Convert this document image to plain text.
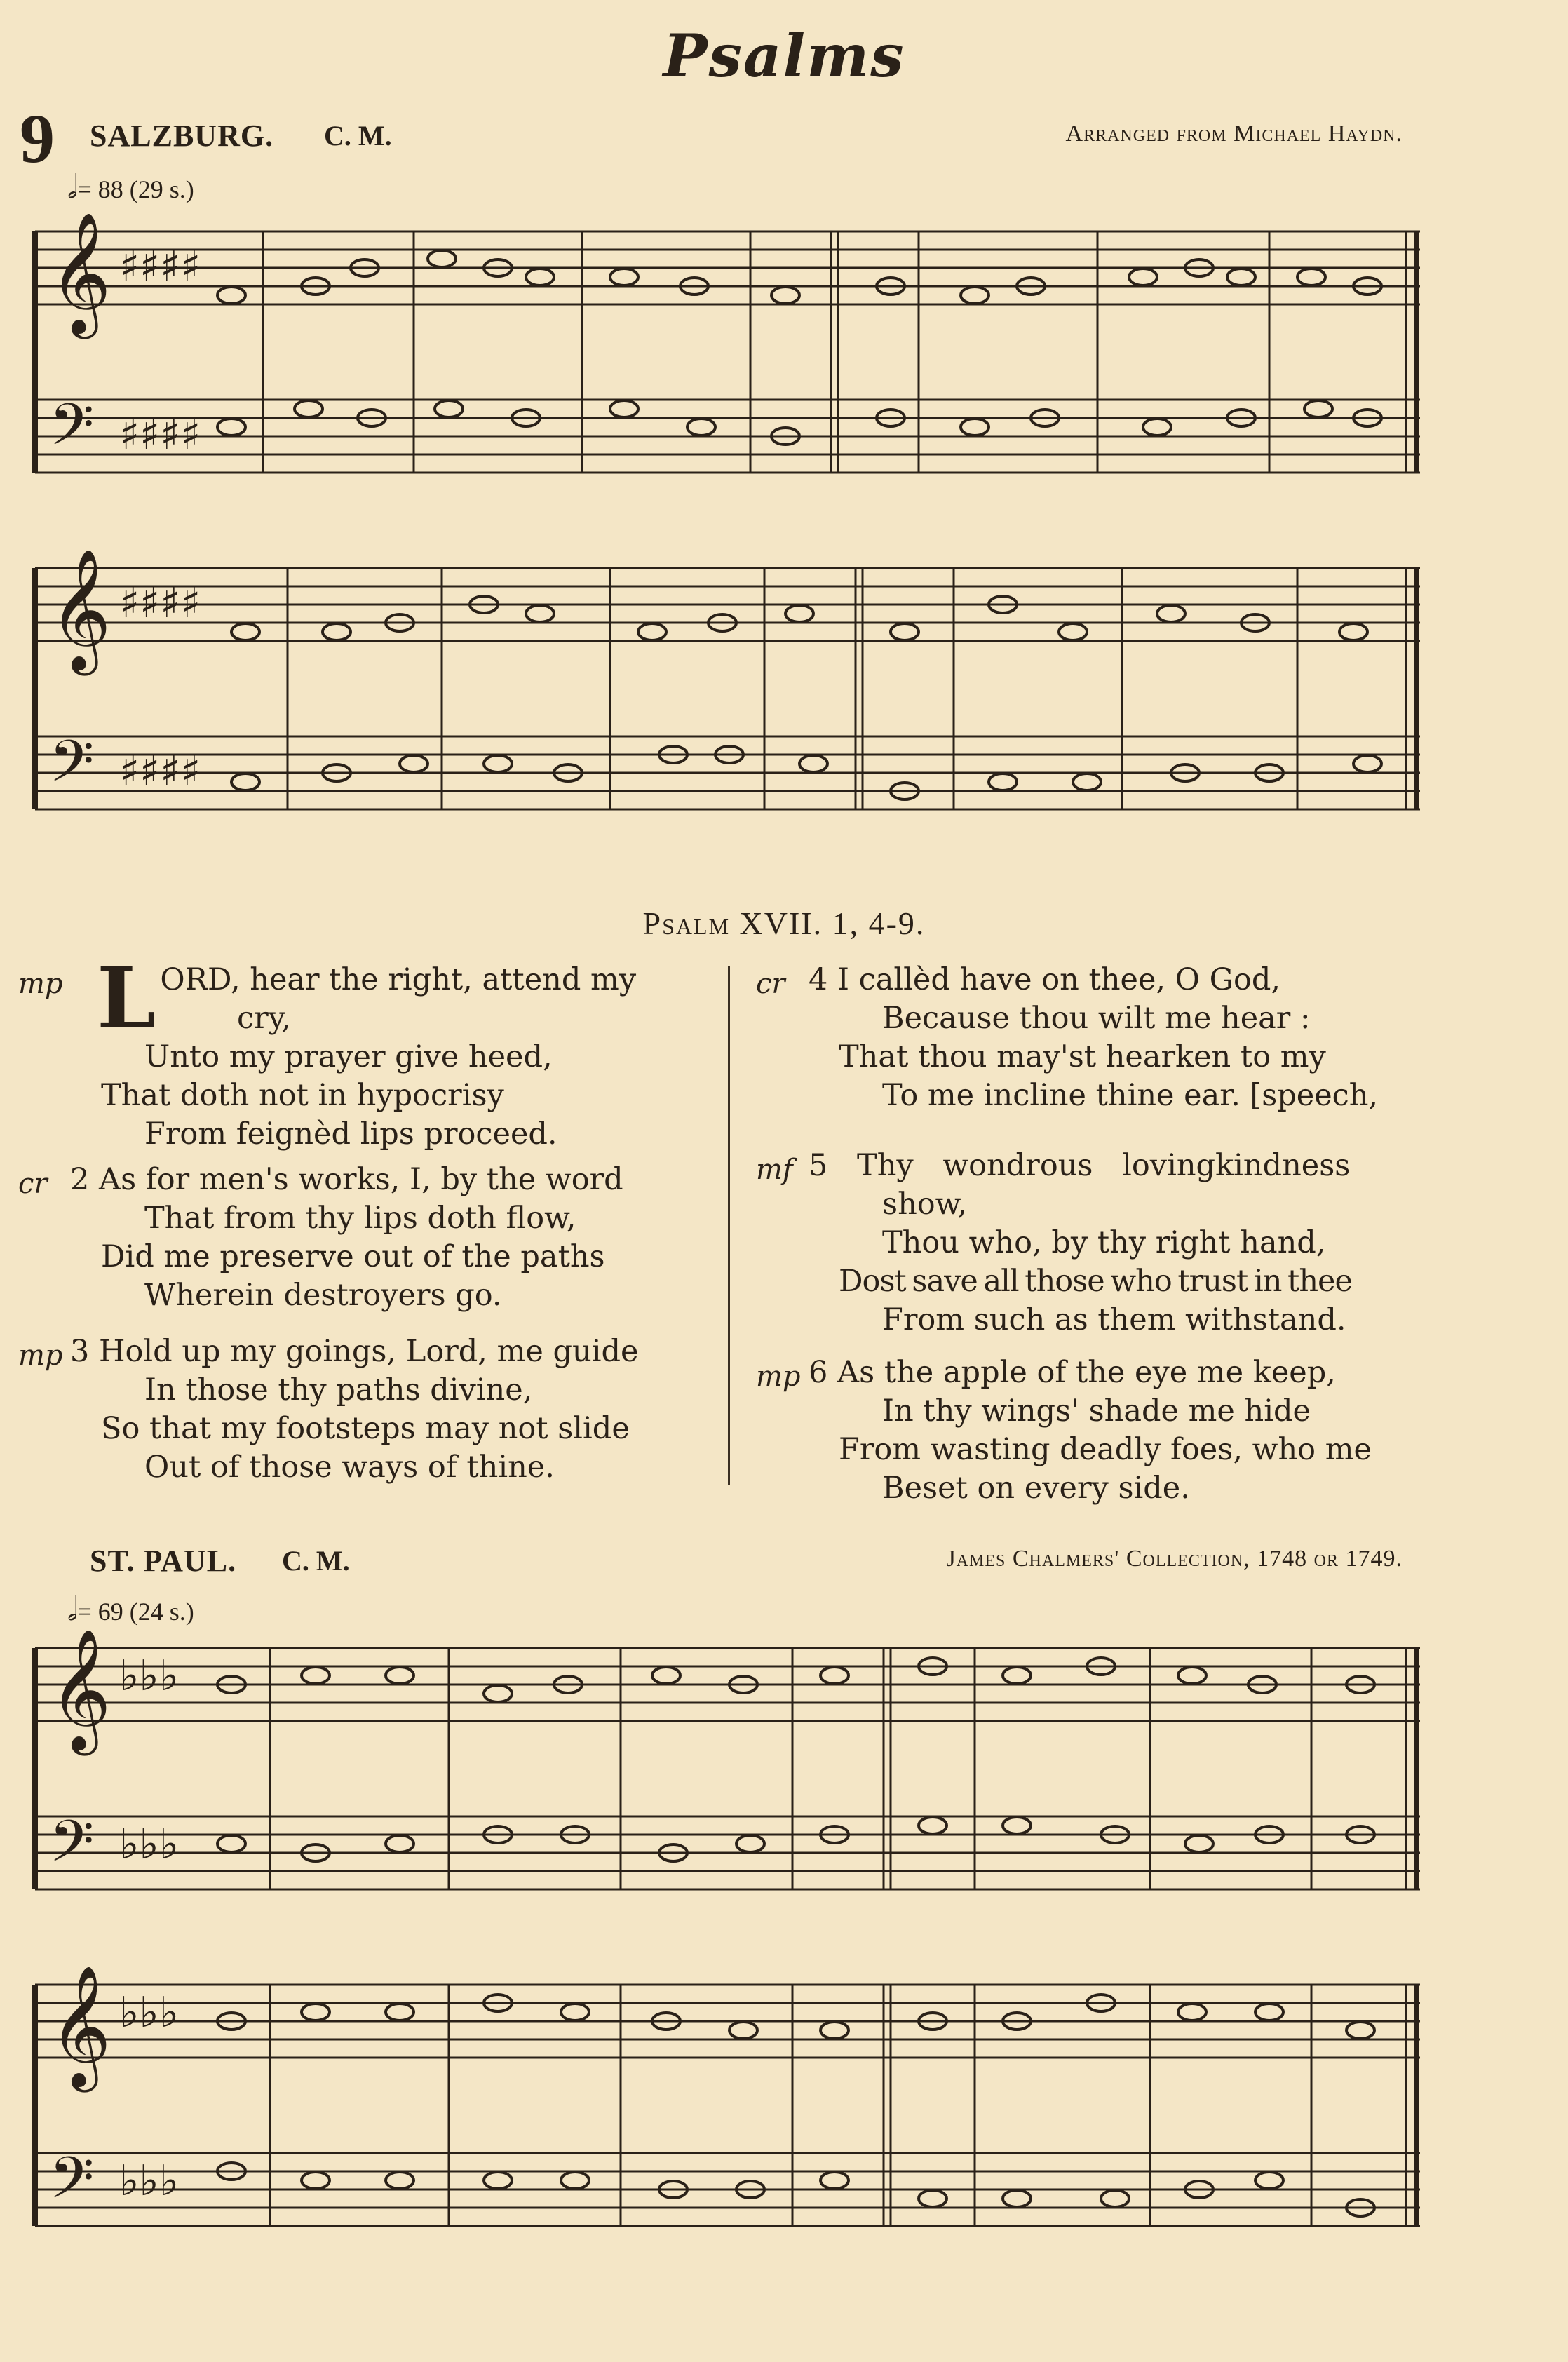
Psalms
9 SALZBURG. C. M.	Arranged from Michael Haydn.
𝅗𝅥= 88 (29 s.)
𝄞
𝄢
♯♯♯♯
♯♯♯♯
𝄞
𝄢
♯♯♯♯
♯♯♯♯
Psalm XVII. 1, 4-9.
mp L ORD, hear the right, attend my
cry,
Unto my prayer give heed,
That doth not in hypocrisy
From feignèd lips proceed.
cr 2 As for men's works, I, by the word
That from thy lips doth flow,
Did me preserve out of the paths
Wherein destroyers go.
mp 3 Hold up my goings, Lord, me guide
In those thy paths divine,
So that my footsteps may not slide
Out of those ways of thine.
cr 4 I callèd have on thee, O God,
Because thou wilt me hear :
That thou may'st hearken to my
To me incline thine ear. [speech,
mf 5 Thy wondrous lovingkindness
show,
Thou who, by thy right hand,
Dost save all those who trust in thee
From such as them withstand.
mp 6 As the apple of the eye me keep,
In thy wings' shade me hide
From wasting deadly foes, who me
Beset on every side.
ST. PAUL. C. M.	James Chalmers' Collection, 1748 or 1749.
𝅗𝅥= 69 (24 s.)
𝄞
𝄢
♭♭♭
♭♭♭
𝄞
𝄢
♭♭♭
♭♭♭
